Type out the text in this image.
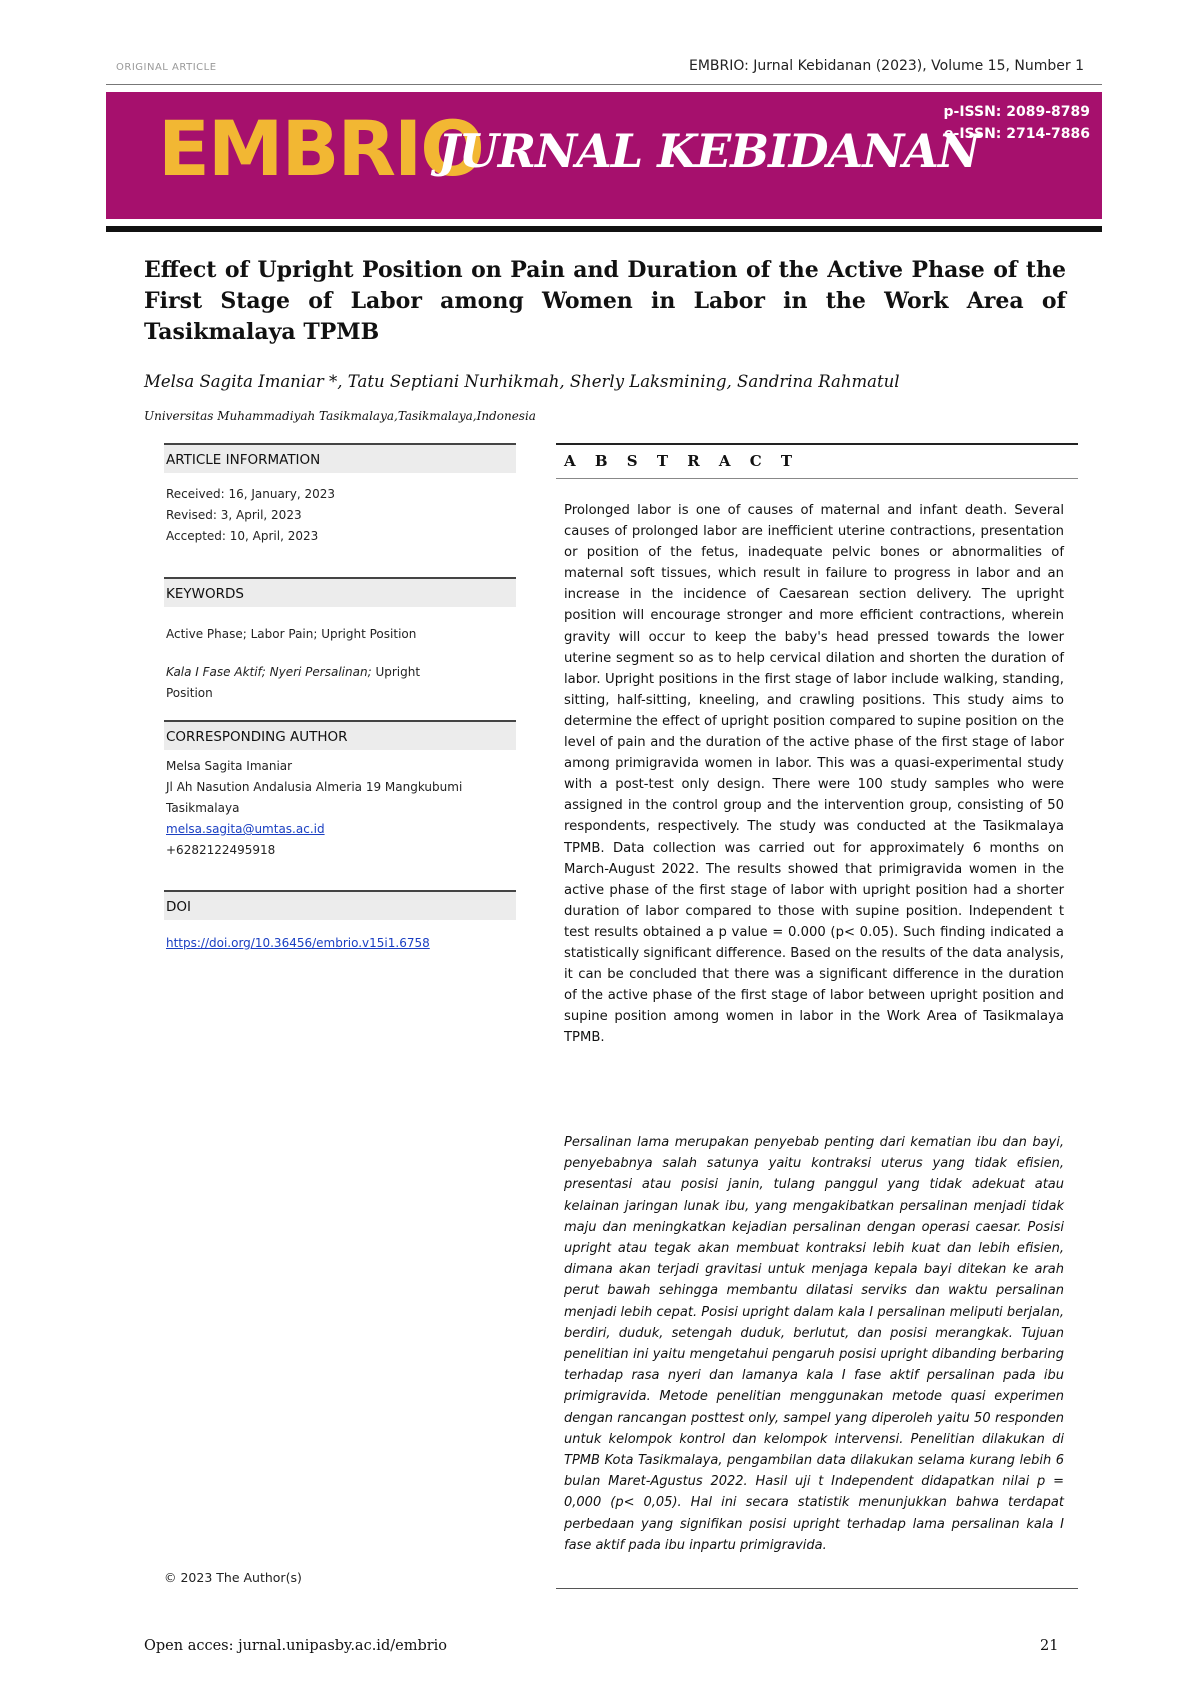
ORIGINAL ARTICLE	EMBRIO: Jurnal Kebidanan (2023), Volume 15, Number 1
EMBRIO
JURNAL KEBIDANAN
p-ISSN: 2089-8789
e-ISSN: 2714-7886
Effect of Upright Position on Pain and Duration of the Active Phase of the First Stage of Labor among Women in Labor in the Work Area of Tasikmalaya TPMB
Melsa Sagita Imaniar *, Tatu Septiani Nurhikmah, Sherly Laksmining, Sandrina Rahmatul
Universitas Muhammadiyah Tasikmalaya,Tasikmalaya,Indonesia
ARTICLE INFORMATION
Received: 16, January, 2023
Revised: 3, April, 2023
Accepted: 10, April, 2023
KEYWORDS
Active Phase; Labor Pain; Upright Position
Kala I Fase Aktif; Nyeri Persalinan; Upright
Position
CORRESPONDING AUTHOR
Melsa Sagita Imaniar
Jl Ah Nasution Andalusia Almeria 19 Mangkubumi
Tasikmalaya
melsa.sagita@umtas.ac.id
+6282122495918
DOI
https://doi.org/10.36456/embrio.v15i1.6758
A B S T R A C T

Prolonged labor is one of causes of maternal and infant death. Several causes of prolonged labor are inefficient uterine contractions, presentation or position of the fetus, inadequate pelvic bones or abnormalities of maternal soft tissues, which result in failure to progress in labor and an increase in the incidence of Caesarean section delivery. The upright position will encourage stronger and more efficient contractions, wherein gravity will occur to keep the baby's head pressed towards the lower uterine segment so as to help cervical dilation and shorten the duration of labor. Upright positions in the first stage of labor include walking, standing, sitting, half-sitting, kneeling, and crawling positions. This study aims to determine the effect of upright position compared to supine position on the level of pain and the duration of the active phase of the first stage of labor among primigravida women in labor. This was a quasi-experimental study with a post-test only design. There were 100 study samples who were assigned in the control group and the intervention group, consisting of 50 respondents, respectively. The study was conducted at the Tasikmalaya TPMB. Data collection was carried out for approximately 6 months on March-August 2022. The results showed that primigravida women in the active phase of the first stage of labor with upright position had a shorter duration of labor compared to those with supine position. Independent t test results obtained a p value = 0.000 (p< 0.05). Such finding indicated a statistically significant difference. Based on the results of the data analysis, it can be concluded that there was a significant difference in the duration of the active phase of the first stage of labor between upright position and supine position among women in labor in the Work Area of Tasikmalaya TPMB.

Persalinan lama merupakan penyebab penting dari kematian ibu dan bayi, penyebabnya salah satunya yaitu kontraksi uterus yang tidak efisien, presentasi atau posisi janin, tulang panggul yang tidak adekuat atau kelainan jaringan lunak ibu, yang mengakibatkan persalinan menjadi tidak maju dan meningkatkan kejadian persalinan dengan operasi caesar. Posisi upright atau tegak akan membuat kontraksi lebih kuat dan lebih efisien, dimana akan terjadi gravitasi untuk menjaga kepala bayi ditekan ke arah perut bawah sehingga membantu dilatasi serviks dan waktu persalinan menjadi lebih cepat. Posisi upright dalam kala I persalinan meliputi berjalan, berdiri, duduk, setengah duduk, berlutut, dan posisi merangkak. Tujuan penelitian ini yaitu mengetahui pengaruh posisi upright dibanding berbaring terhadap rasa nyeri dan lamanya kala I fase aktif persalinan pada ibu primigravida. Metode penelitian menggunakan metode quasi experimen dengan rancangan posttest only, sampel yang diperoleh yaitu 50 responden untuk kelompok kontrol dan kelompok intervensi. Penelitian dilakukan di TPMB Kota Tasikmalaya, pengambilan data dilakukan selama kurang lebih 6 bulan Maret-Agustus 2022. Hasil uji t Independent didapatkan nilai p = 0,000 (p< 0,05). Hal ini secara statistik menunjukkan bahwa terdapat perbedaan yang signifikan posisi upright terhadap lama persalinan kala I fase aktif pada ibu inpartu primigravida.

© 2023 The Author(s)
Open acces: jurnal.unipasby.ac.id/embrio	21
